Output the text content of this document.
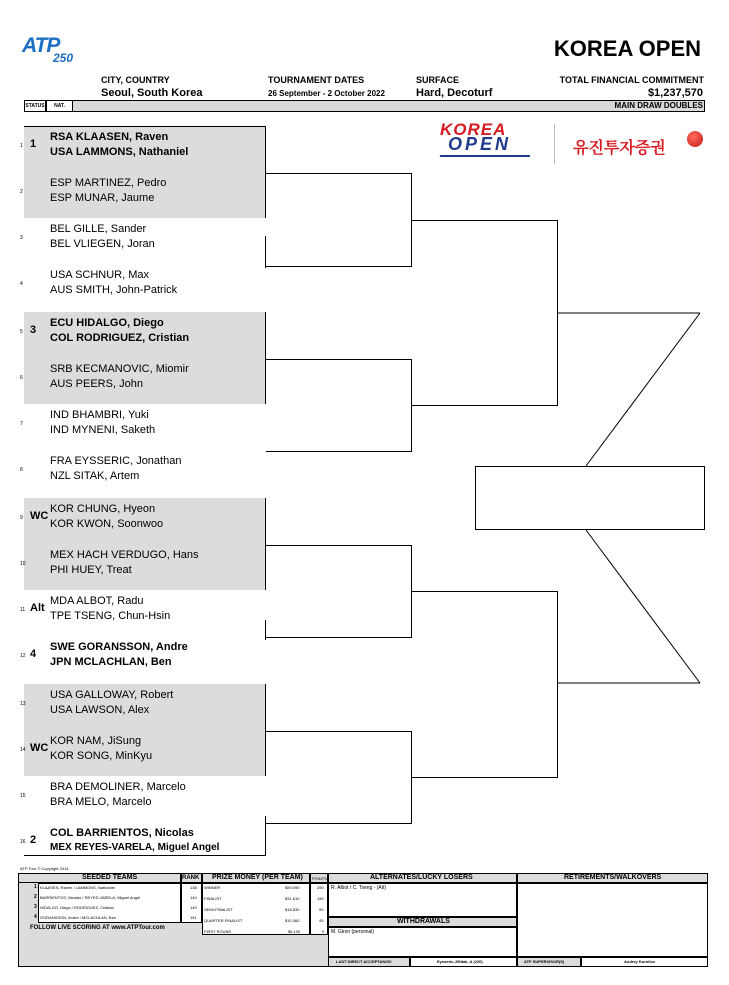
ATP
250	KOREA OPEN
CITY, COUNTRY
Seoul, South Korea
TOURNAMENT DATES
26 September - 2 October 2022
SURFACE
Hard, Decoturf
TOTAL FINANCIAL COMMITMENT
$1,237,570
STATUS	NAT.	MAIN DRAW DOUBLES
KOREA
OPEN	유진투자증권
1 1
RSA KLAASEN, Raven
USA LAMMONS, Nathaniel
2
ESP MARTINEZ, Pedro
ESP MUNAR, Jaume
3
BEL GILLE, Sander
BEL VLIEGEN, Joran
4
USA SCHNUR, Max
AUS SMITH, John-Patrick
5 3
ECU HIDALGO, Diego
COL RODRIGUEZ, Cristian
6
SRB KECMANOVIC, Miomir
AUS PEERS, John
7
IND BHAMBRI, Yuki
IND MYNENI, Saketh
8
FRA EYSSERIC, Jonathan
NZL SITAK, Artem
9 WC
KOR CHUNG, Hyeon
KOR KWON, Soonwoo
10
MEX HACH VERDUGO, Hans
PHI HUEY, Treat
11 Alt
MDA ALBOT, Radu
TPE TSENG, Chun-Hsin
12 4
SWE GORANSSON, Andre
JPN MCLACHLAN, Ben
13
USA GALLOWAY, Robert
USA LAWSON, Alex
14 WC
KOR NAM, JiSung
KOR SONG, MinKyu
15
BRA DEMOLINER, Marcelo
BRA MELO, Marcelo
16 2
COL BARRIENTOS, Nicolas
MEX REYES-VARELA, Miguel Angel
ATP Tour © Copyright 2014
SEEDED TEAMS	RANK PRIZE MONEY (PER TEAM) POINTS	ALTERNATES/LUCKY LOSERS	RETIREMENTS/WALKOVERS
1 KLAASEN, Raven / LAMMONS, Nathaniel	138
2 BARRIENTOS, Nicolas / REYES-VARELA, Miguel Angel	144
3 HIDALGO, Diego / RODRIGUEZ, Cristian	149
4 GORANSSON, Andre / MCLACHLAN, Ben	151
FOLLOW LIVE SCORING AT www.ATPTour.com
WINNER	$59,090	250
FINALIST	$31,610	150
SEMI-FINALIST	$18,530	90
QUARTER-FINALIST	$10,360	45
FIRST ROUND	$6,100	0
R. Albot / C. Tseng - (Alt)
WITHDRAWALS
M. Giron (personal)
LAST DIRECT ACCEPTANCE:	Eysseric,J/Sitak, A (220)	ATP SUPERVISOR(S)	Andrey Kornilov
